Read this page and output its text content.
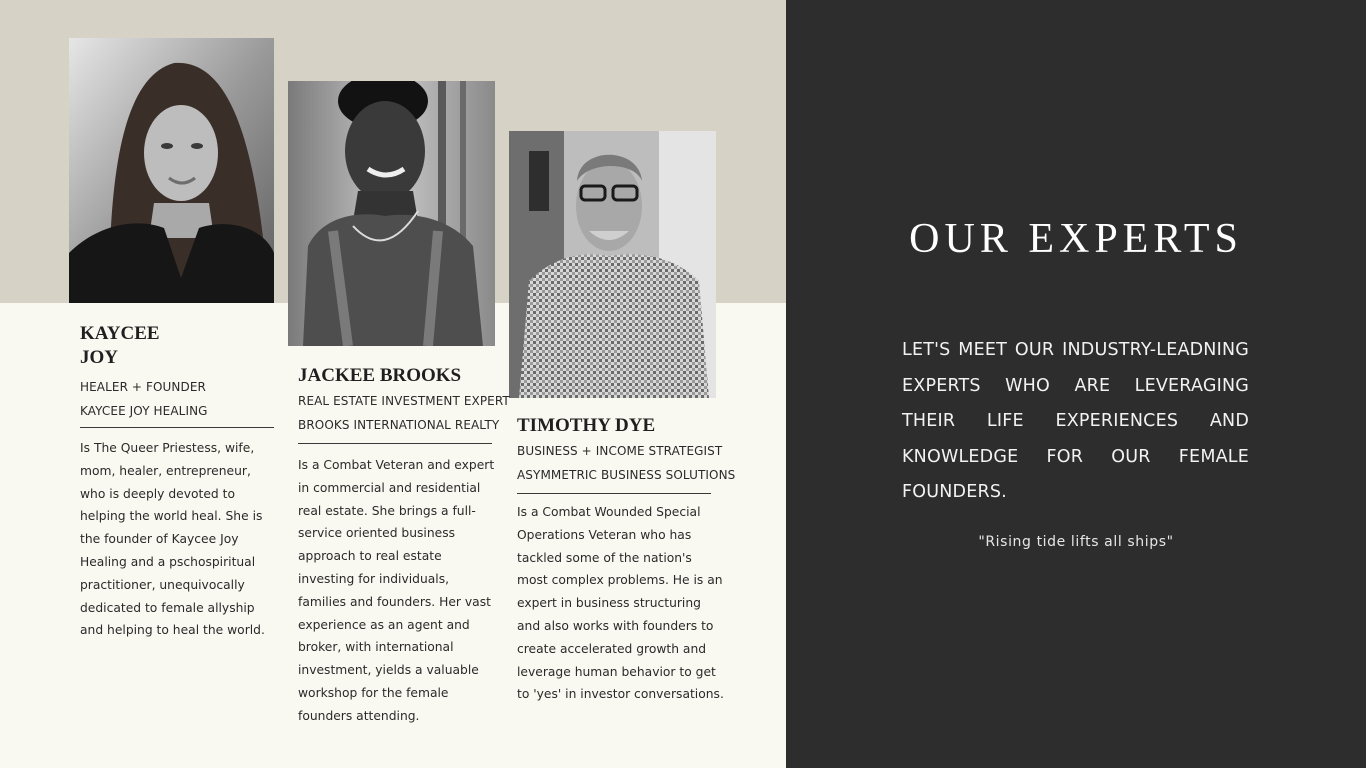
KAYCEE
JOY
HEALER + FOUNDER
KAYCEE JOY HEALING

Is The Queer Priestess, wife, mom, healer, entrepreneur, who is deeply devoted to helping the world heal. She is the founder of Kaycee Joy Healing and a pschospiritual practitioner, unequivocally dedicated to female allyship and helping to heal the world.

JACKEE BROOKS
REAL ESTATE INVESTMENT EXPERT
BROOKS INTERNATIONAL REALTY

Is a Combat Veteran and expert in commercial and residential real estate. She brings a full-service oriented business approach to real estate investing for individuals, families and founders. Her vast experience as an agent and broker, with international investment, yields a valuable workshop for the female founders attending.

TIMOTHY DYE
BUSINESS + INCOME STRATEGIST
ASYMMETRIC BUSINESS SOLUTIONS

Is a Combat Wounded Special Operations Veteran who has tackled some of the nation's most complex problems. He is an expert in business structuring and also works with founders to create accelerated growth and leverage human behavior to get to 'yes' in investor conversations.

OUR EXPERTS

LET'S MEET OUR INDUSTRY-LEADNING EXPERTS WHO ARE LEVERAGING THEIR LIFE EXPERIENCES AND KNOWLEDGE FOR OUR FEMALE FOUNDERS.

"Rising tide lifts all ships"
